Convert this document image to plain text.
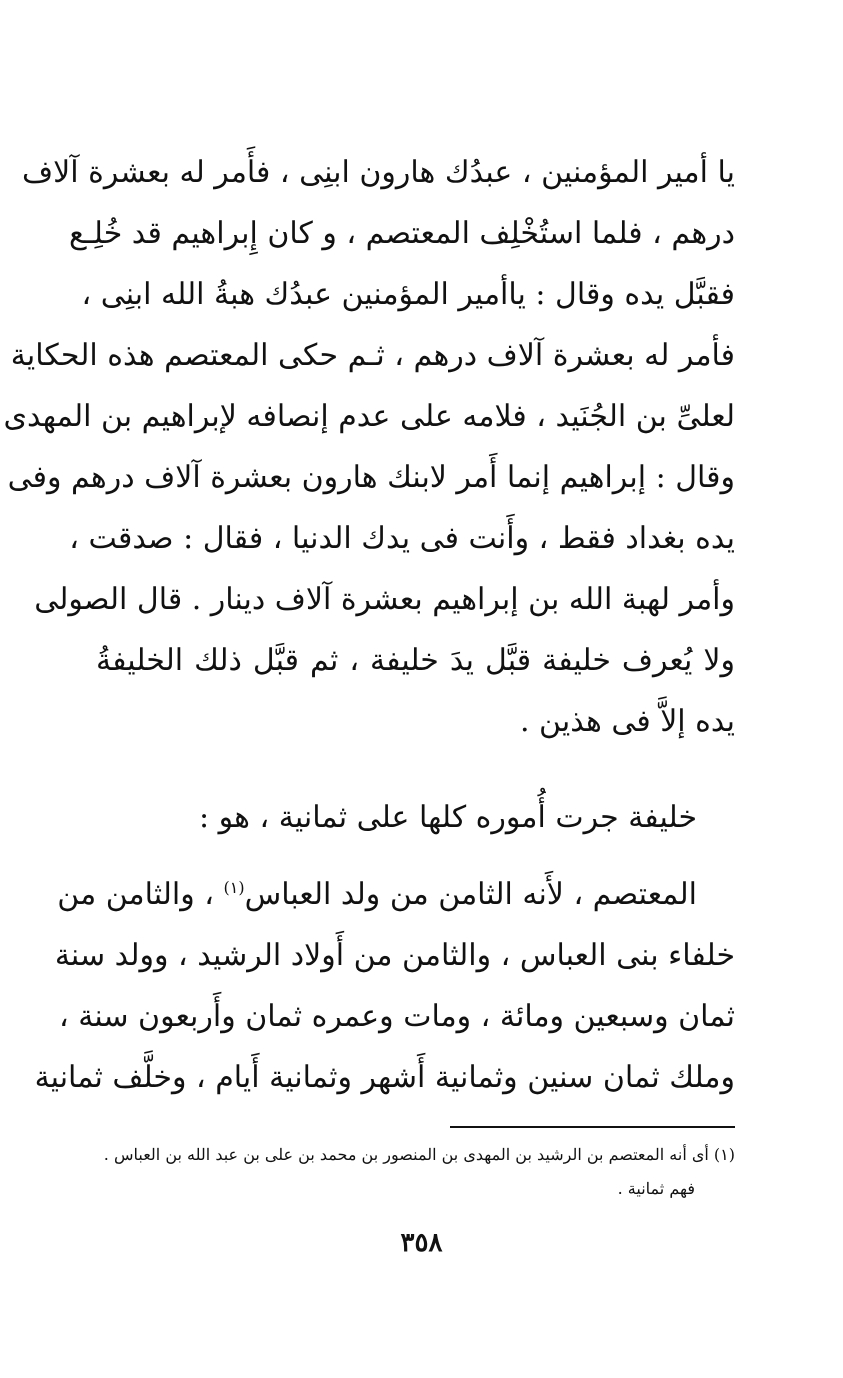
يا أمير المؤمنين ، عبدُك هارون ابنِى ، فأَمر له بعشرة آلاف
درهم ، فلما استُخْلِف المعتصم ، و كان إِبراهيم قد خُلِـع
فقبَّل يده وقال : ياأمير المؤمنين عبدُك هبةُ الله ابنِى ،
فأمر له بعشرة آلاف درهم ، ثـم حكى المعتصم هذه الحكاية
لعلىِّ بن الجُنَيد ، فلامه على عدم إنصافه لإبراهيم بن المهدى
وقال : إبراهيم إنما أَمر لابنك هارون بعشرة آلاف درهم وفى
يده بغداد فقط ، وأَنت فى يدك الدنيا ، فقال : صدقت ،
وأمر لهبة الله بن إبراهيم بعشرة آلاف دينار . قال الصولى
ولا يُعرف خليفة قبَّل يدَ خليفة ، ثم قبَّل ذلك الخليفةُ
يده إلاَّ فى هذين .
خليفة جرت أُموره كلها على ثمانية ، هو :
المعتصم ، لأَنه الثامن من ولد العباس$^{(١)}$ ، والثامن من
خلفاء بنى العباس ، والثامن من أَولاد الرشيد ، وولد سنة
ثمان وسبعين ومائة ، ومات وعمره ثمان وأَربعون سنة ،
وملك ثمان سنين وثمانية أَشهر وثمانية أَيام ، وخلَّف ثمانية
(١) أى أنه المعتصم بن الرشيد بن المهدى بن المنصور بن محمد بن على بن عبد الله بن العباس .
فهم ثمانية .
٣٥٨
